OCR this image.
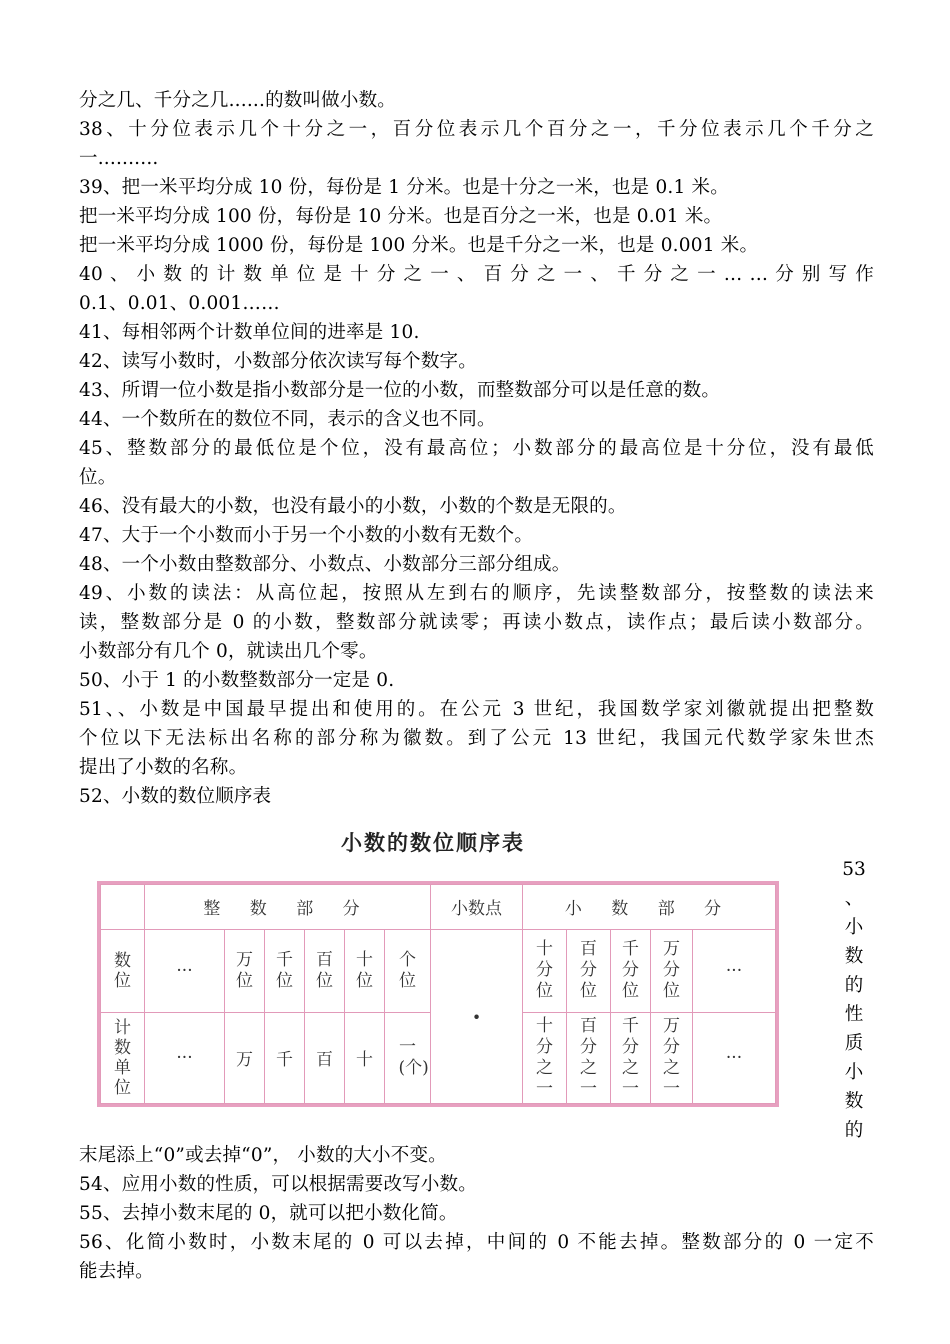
分之几、千分之几......的数叫做小数。
38、十分位表示几个十分之一，百分位表示几个百分之一，千分位表示几个千分之
一..........
39、把一米平均分成 10 份，每份是 1 分米。也是十分之一米，也是 0.1 米。
把一米平均分成 100 份，每份是 10 分米。也是百分之一米，也是 0.01 米。
把一米平均分成 1000 份，每份是 100 分米。也是千分之一米，也是 0.001 米。
40 、 小 数 的 计 数 单 位 是 十 分 之 一 、 百 分 之 一 、 千 分 之 一 … … 分 别 写 作
0.1、0.01、0.001……
41、每相邻两个计数单位间的进率是 10.
42、读写小数时，小数部分依次读写每个数字。
43、所谓一位小数是指小数部分是一位的小数，而整数部分可以是任意的数。
44、一个数所在的数位不同，表示的含义也不同。
45、整数部分的最低位是个位，没有最高位；小数部分的最高位是十分位，没有最低
位。
46、没有最大的小数，也没有最小的小数，小数的个数是无限的。
47、大于一个小数而小于另一个小数的小数有无数个。
48、一个小数由整数部分、小数点、小数部分三部分组成。
49、小数的读法：从高位起，按照从左到右的顺序，先读整数部分，按整数的读法来
读，整数部分是 0 的小数，整数部分就读零；再读小数点，读作点；最后读小数部分。
小数部分有几个 0，就读出几个零。
50、小于 1 的小数整数部分一定是 0.
51、、小数是中国最早提出和使用的。在公元 3 世纪，我国数学家刘徽就提出把整数
个位以下无法标出名称的部分称为徽数。到了公元 13 世纪，我国元代数学家朱世杰
提出了小数的名称。
52、小数的数位顺序表
小数的数位顺序表
	整 数 部 分						小数点	小 数 部 分				
数位	···	万位	千位	百位	十位	个位	·	十分位	百分位	千分位	万分位	···
计数单位	···	万	千	百	十	一(个)		十分之一	百分之一	千分之一	万分之一	···
53
、
小
数
的
性
质
小
数
的
末尾添上“0”或去掉“0”， 小数的大小不变。
54、应用小数的性质，可以根据需要改写小数。
55、去掉小数末尾的 0，就可以把小数化简。
56、化简小数时，小数末尾的 0 可以去掉，中间的 0 不能去掉。整数部分的 0 一定不
能去掉。
